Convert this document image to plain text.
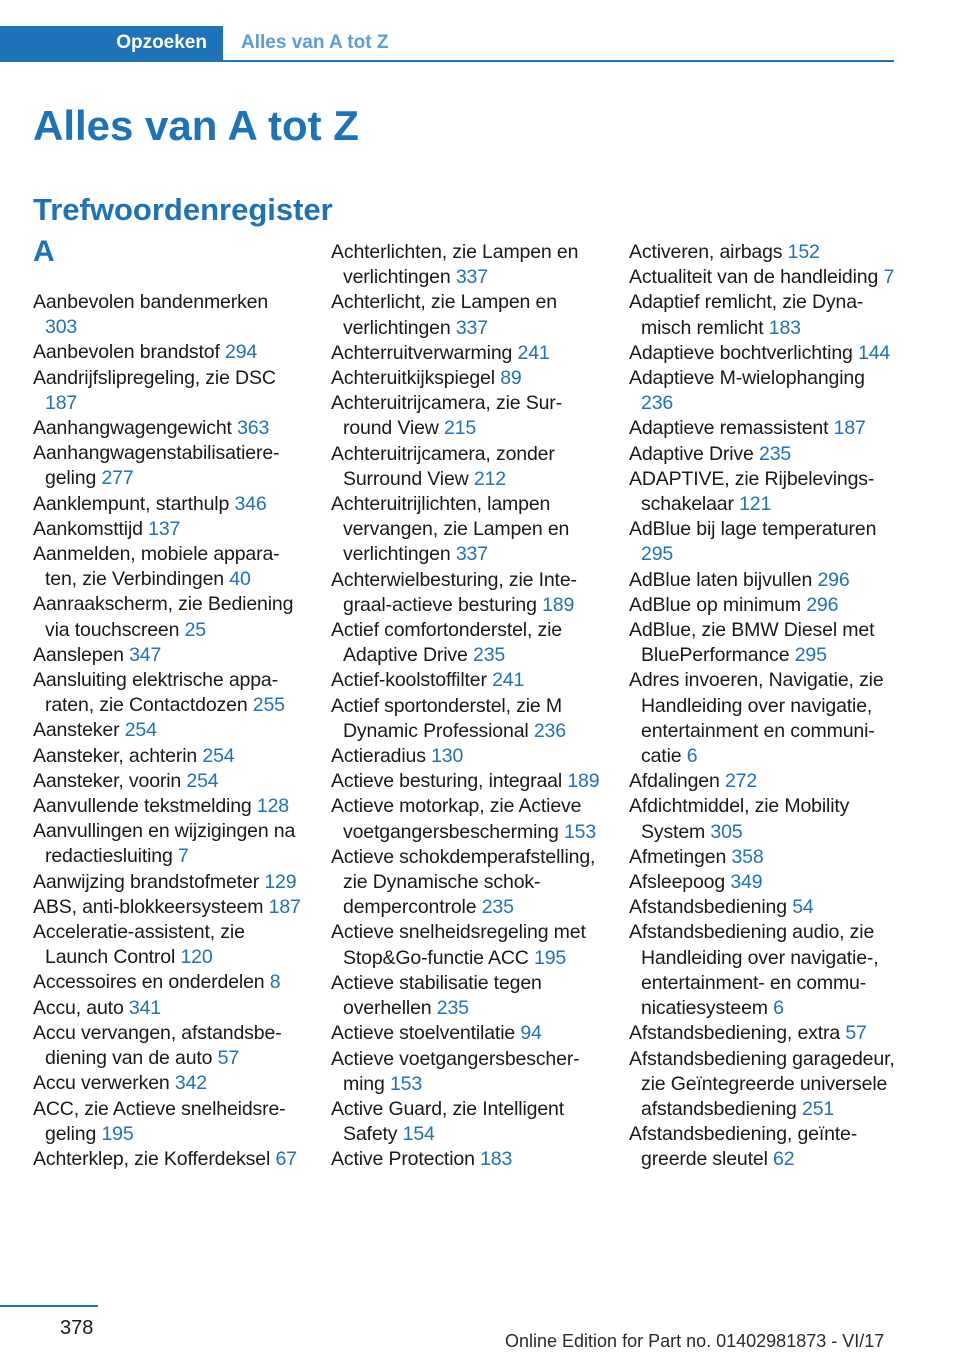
Opzoeken	Alles van A tot Z
Alles van A tot Z
Trefwoordenregister
A
Aanbevolen bandenmerken 303
Aanbevolen brandstof 294
Aandrijfslipregeling, zie DSC 187
Aanhangwagengewicht 363
Aanhangwagenstabilisatieregeling 277
Aanklempunt, starthulp 346
Aankomsttijd 137
Aanmelden, mobiele apparaten, zie Verbindingen 40
Aanraakscherm, zie Bediening via touchscreen 25
Aanslepen 347
Aansluiting elektrische apparaten, zie Contactdozen 255
Aansteker 254
Aansteker, achterin 254
Aansteker, voorin 254
Aanvullende tekstmelding 128
Aanvullingen en wijzigingen na redactiesluiting 7
Aanwijzing brandstofmeter 129
ABS, anti-blokkeersysteem 187
Acceleratie-assistent, zie Launch Control 120
Accessoires en onderdelen 8
Accu, auto 341
Accu vervangen, afstandsbediening van de auto 57
Accu verwerken 342
ACC, zie Actieve snelheidsregeling 195
Achterklep, zie Kofferdeksel 67
Achterlichten, zie Lampen en verlichtingen 337
Achterlicht, zie Lampen en verlichtingen 337
Achterruitverwarming 241
Achteruitkijkspiegel 89
Achteruitrijcamera, zie Surround View 215
Achteruitrijcamera, zonder Surround View 212
Achteruitrijlichten, lampen vervangen, zie Lampen en verlichtingen 337
Achterwielbesturing, zie Integraal-actieve besturing 189
Actief comfortonderstel, zie Adaptive Drive 235
Actief-koolstoffilter 241
Actief sportonderstel, zie M Dynamic Professional 236
Actieradius 130
Actieve besturing, integraal 189
Actieve motorkap, zie Actieve voetgangersbescherming 153
Actieve schokdemperafstelling, zie Dynamische schokdempercontrole 235
Actieve snelheidsregeling met Stop&Go-functie ACC 195
Actieve stabilisatie tegen overhellen 235
Actieve stoelventilatie 94
Actieve voetgangersbescherming 153
Active Guard, zie Intelligent Safety 154
Active Protection 183
Activeren, airbags 152
Actualiteit van de handleiding 7
Adaptief remlicht, zie Dynamisch remlicht 183
Adaptieve bochtverlichting 144
Adaptieve M-wielophanging 236
Adaptieve remassistent 187
Adaptive Drive 235
ADAPTIVE, zie Rijbelevingsschakelaar 121
AdBlue bij lage temperaturen 295
AdBlue laten bijvullen 296
AdBlue op minimum 296
AdBlue, zie BMW Diesel met BluePerformance 295
Adres invoeren, Navigatie, zie Handleiding over navigatie, entertainment en communicatie 6
Afdalingen 272
Afdichtmiddel, zie Mobility System 305
Afmetingen 358
Afsleepoog 349
Afstandsbediening 54
Afstandsbediening audio, zie Handleiding over navigatie-, entertainment- en communicatiesysteem 6
Afstandsbediening, extra 57
Afstandsbediening garagedeur, zie Geïntegreerde universele afstandsbediening 251
Afstandsbediening, geïntegreerde sleutel 62
378
Online Edition for Part no. 01402981873 - VI/17
